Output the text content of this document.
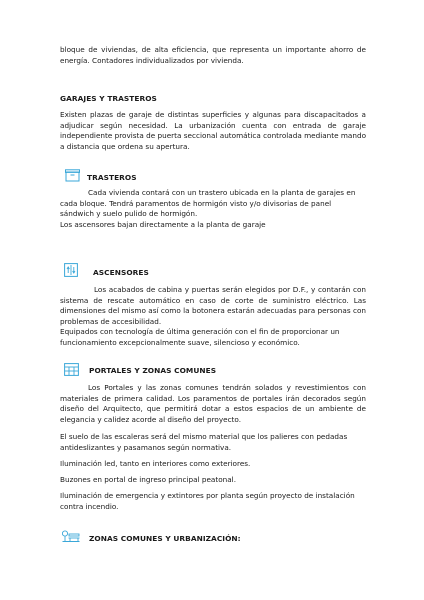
bloque de viviendas, de alta eficiencia, que representa un importante ahorro de energía. Contadores individualizados por vivienda.

GARAJES Y TRASTEROS

Existen plazas de garaje de distintas superficies y algunas para discapacitados a adjudicar según necesidad. La urbanización cuenta con entrada de garaje independiente provista de puerta seccional automática controlada mediante mando a distancia que ordena su apertura.

TRASTEROS

Cada vivienda contará con un trastero ubicada en la planta de garajes en cada bloque. Tendrá paramentos de hormigón visto y/o divisorias de panel sándwich y suelo pulido de hormigón.

Los ascensores bajan directamente a la planta de garaje

ASCENSORES

Los acabados de cabina y puertas serán elegidos por D.F., y contarán con sistema de rescate automático en caso de corte de suministro eléctrico. Las dimensiones del mismo así como la botonera estarán adecuadas para personas con problemas de accesibilidad.

Equipados con tecnología de última generación con el fin de proporcionar un funcionamiento excepcionalmente suave, silencioso y económico.

PORTALES Y ZONAS COMUNES

Los Portales y las zonas comunes tendrán solados y revestimientos con materiales de primera calidad. Los paramentos de portales irán decorados según diseño del Arquitecto, que permitirá dotar a estos espacios de un ambiente de elegancia y calidez acorde al diseño del proyecto.

El suelo de las escaleras será del mismo material que los palieres con pedadas antideslizantes y pasamanos según normativa.

Iluminación led, tanto en interiores como exteriores.

Buzones en portal de ingreso principal peatonal.

Iluminación de emergencia y extintores por planta según proyecto de instalación contra incendio.

ZONAS COMUNES Y URBANIZACIÓN:
